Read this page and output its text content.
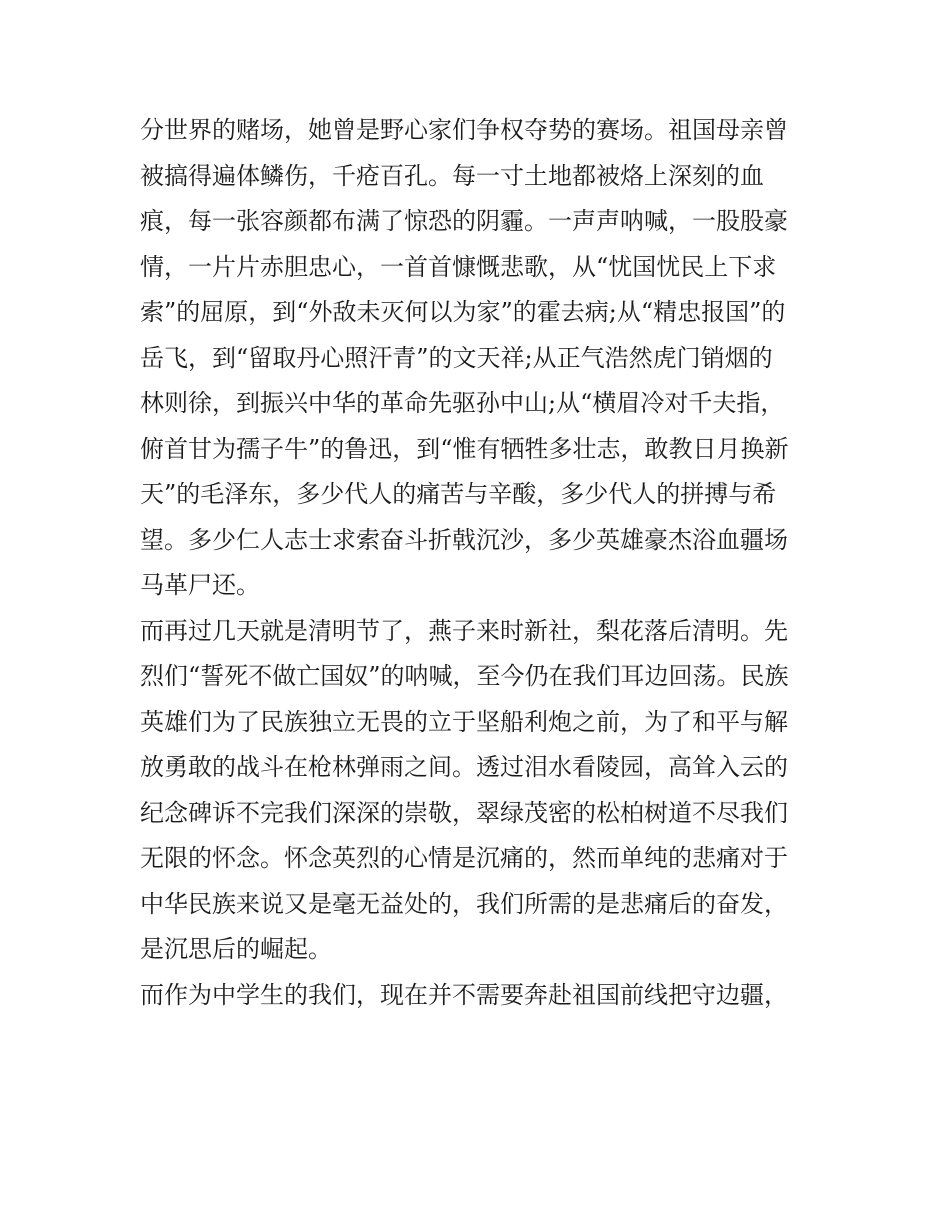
分世界的赌场，她曾是野心家们争权夺势的赛场。祖国母亲曾
被搞得遍体鳞伤，千疮百孔。每一寸土地都被烙上深刻的血
痕，每一张容颜都布满了惊恐的阴霾。一声声呐喊，一股股豪
情，一片片赤胆忠心，一首首慷慨悲歌，从“忧国忧民上下求
索”的屈原，到“外敌未灭何以为家”的霍去病;从“精忠报国”的
岳飞，到“留取丹心照汗青”的文天祥;从正气浩然虎门销烟的
林则徐，到振兴中华的革命先驱孙中山;从“横眉冷对千夫指，
俯首甘为孺子牛”的鲁迅，到“惟有牺牲多壮志，敢教日月换新
天”的毛泽东，多少代人的痛苦与辛酸，多少代人的拼搏与希
望。多少仁人志士求索奋斗折戟沉沙，多少英雄豪杰浴血疆场
马革尸还。
而再过几天就是清明节了，燕子来时新社，梨花落后清明。先
烈们“誓死不做亡国奴”的呐喊，至今仍在我们耳边回荡。民族
英雄们为了民族独立无畏的立于坚船利炮之前，为了和平与解
放勇敢的战斗在枪林弹雨之间。透过泪水看陵园，高耸入云的
纪念碑诉不完我们深深的崇敬，翠绿茂密的松柏树道不尽我们
无限的怀念。怀念英烈的心情是沉痛的，然而单纯的悲痛对于
中华民族来说又是毫无益处的，我们所需的是悲痛后的奋发，
是沉思后的崛起。
而作为中学生的我们，现在并不需要奔赴祖国前线把守边疆，
